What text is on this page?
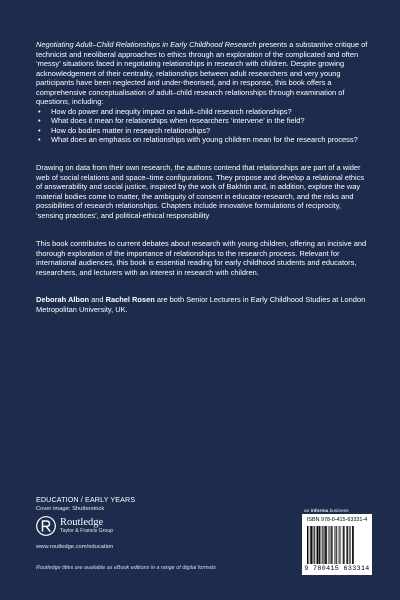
Negotiating Adult–Child Relationships in Early Childhood Research presents a substantive critique of technicist and neoliberal approaches to ethics through an exploration of the complicated and often ‘messy’ situations faced in negotiating relationships in research with children. Despite growing acknowledgement of their centrality, relationships between adult researchers and very young participants have been neglected and under-theorised, and in response, this book offers a comprehensive conceptualisation of adult–child research relationships through examination of questions, including:

• How do power and inequity impact on adult–child research relationships?
• What does it mean for relationships when researchers ‘intervene’ in the field?
• How do bodies matter in research relationships?
• What does an emphasis on relationships with young children mean for the research process?

Drawing on data from their own research, the authors contend that relationships are part of a wider web of social relations and space–time configurations. They propose and develop a relational ethics of answerability and social justice, inspired by the work of Bakhtin and, in addition, explore the way material bodies come to matter, the ambiguity of consent in educator-research, and the risks and possibilities of research relationships. Chapters include innovative formulations of reciprocity, ‘sensing practices’, and political-ethical responsibility

This book contributes to current debates about research with young children, offering an incisive and thorough exploration of the importance of relationships to the research process. Relevant for international audiences, this book is essential reading for early childhood students and educators, researchers, and lecturers with an interest in research with children.

Deborah Albon and Rachel Rosen are both Senior Lecturers in Early Childhood Studies at London Metropolitan University, UK.

EDUCATION / EARLY YEARS
Cover image: Shutterstock
Routledge
Taylor & Francis Group
www.routledge.com/education
Routledge titles are available as eBook editions in a range of digital formats
an informa business
ISBN 978-0-415-63331-4
9 780415 633314
